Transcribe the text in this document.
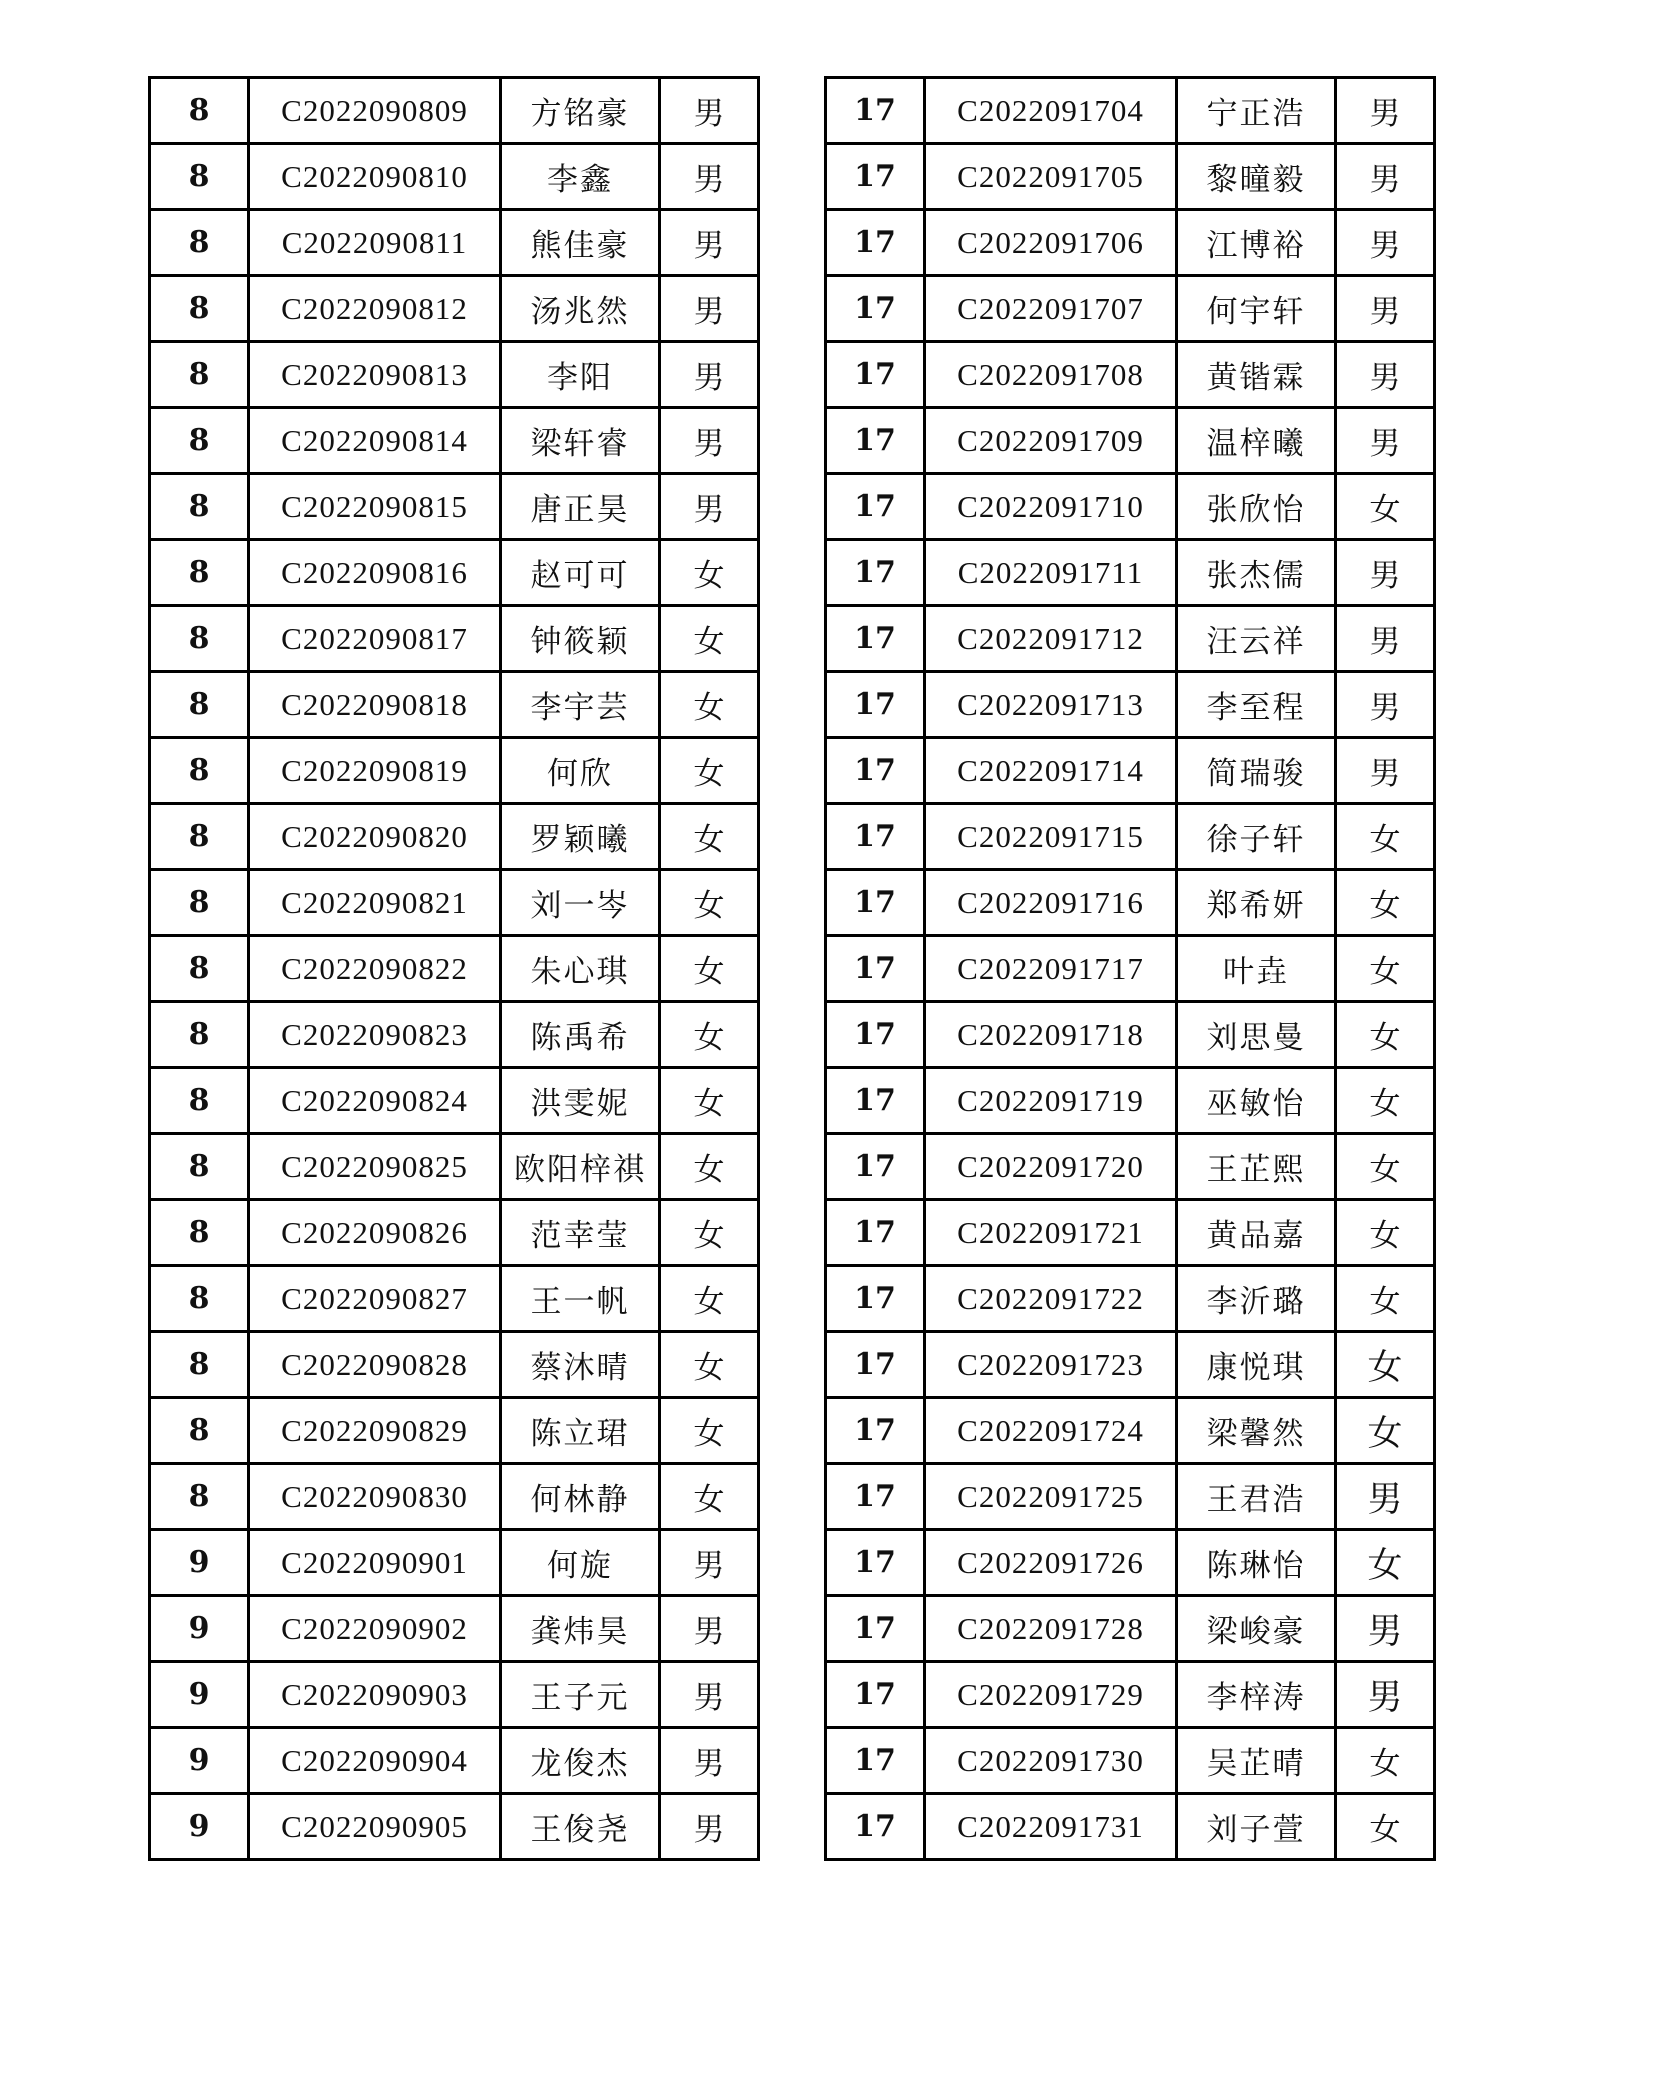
8	C2022090809	方铭豪	男
8	C2022090810	李鑫	男
8	C2022090811	熊佳豪	男
8	C2022090812	汤兆然	男
8	C2022090813	李阳	男
8	C2022090814	梁轩睿	男
8	C2022090815	唐正昊	男
8	C2022090816	赵可可	女
8	C2022090817	钟筱颖	女
8	C2022090818	李宇芸	女
8	C2022090819	何欣	女
8	C2022090820	罗颖曦	女
8	C2022090821	刘一岑	女
8	C2022090822	朱心琪	女
8	C2022090823	陈禹希	女
8	C2022090824	洪雯妮	女
8	C2022090825	欧阳梓祺	女
8	C2022090826	范幸莹	女
8	C2022090827	王一帆	女
8	C2022090828	蔡沐晴	女
8	C2022090829	陈立珺	女
8	C2022090830	何林静	女
9	C2022090901	何旋	男
9	C2022090902	龚炜昊	男
9	C2022090903	王子元	男
9	C2022090904	龙俊杰	男
9	C2022090905	王俊尧	男
17	C2022091704	宁正浩	男
17	C2022091705	黎曈毅	男
17	C2022091706	江博裕	男
17	C2022091707	何宇轩	男
17	C2022091708	黄锴霖	男
17	C2022091709	温梓曦	男
17	C2022091710	张欣怡	女
17	C2022091711	张杰儒	男
17	C2022091712	汪云祥	男
17	C2022091713	李至程	男
17	C2022091714	简瑞骏	男
17	C2022091715	徐子轩	女
17	C2022091716	郑希妍	女
17	C2022091717	叶垚	女
17	C2022091718	刘思曼	女
17	C2022091719	巫敏怡	女
17	C2022091720	王芷熙	女
17	C2022091721	黄品嘉	女
17	C2022091722	李沂璐	女
17	C2022091723	康悦琪	女
17	C2022091724	梁馨然	女
17	C2022091725	王君浩	男
17	C2022091726	陈琳怡	女
17	C2022091728	梁峻豪	男
17	C2022091729	李梓涛	男
17	C2022091730	吴芷晴	女
17	C2022091731	刘子萱	女
